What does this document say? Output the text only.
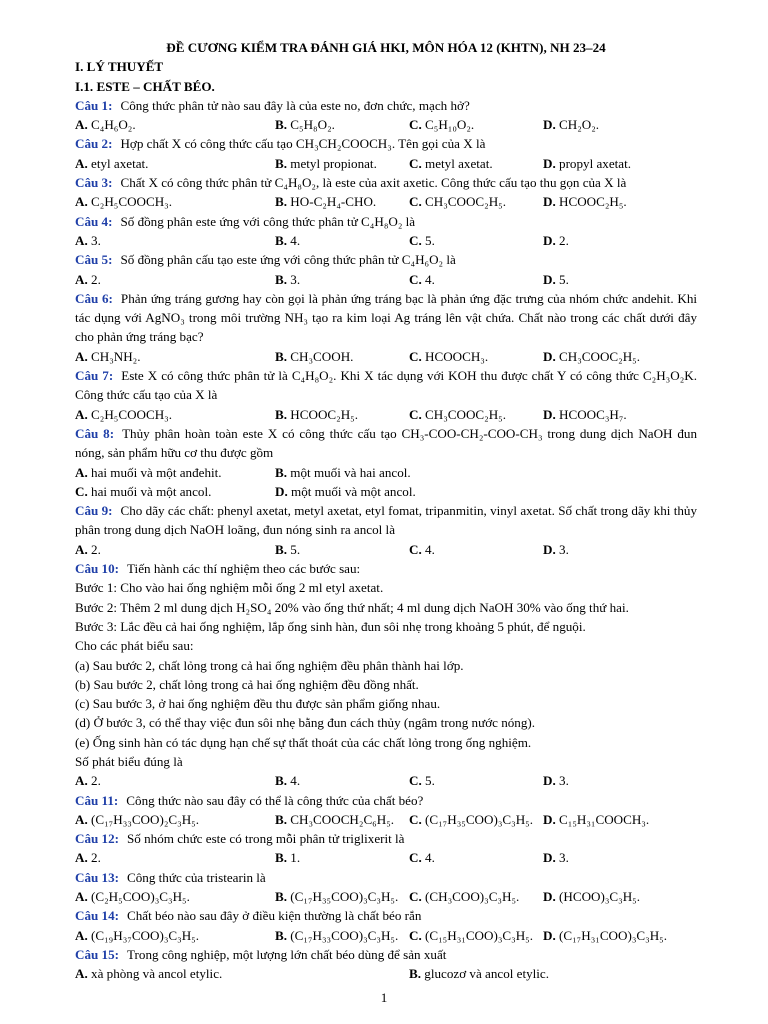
ĐỀ CƯƠNG KIỂM TRA ĐÁNH GIÁ HKI, MÔN HÓA 12 (KHTN), NH 23–24

I. LÝ THUYẾT

I.1. ESTE – CHẤT BÉO.

Câu 1: Công thức phân tử nào sau đây là của este no, đơn chức, mạch hở?

A. C₄H₆O₂.	B. C₅H₈O₂.	C. C₅H₁₀O₂.	D. CH₂O₂.

Câu 2: Hợp chất X có công thức cấu tạo CH₃CH₂COOCH₃. Tên gọi của X là

A. etyl axetat.	B. metyl propionat.	C. metyl axetat.	D. propyl axetat.

Câu 3: Chất X có công thức phân tử C₄H₈O₂, là este của axit axetic. Công thức cấu tạo thu gọn của X là

A. C₂H₅COOCH₃.	B. HO-C₂H₄-CHO.	C. CH₃COOC₂H₅.	D. HCOOC₂H₅.

Câu 4: Số đồng phân este ứng với công thức phân tử C₄H₈O₂ là

A. 3.	B. 4.	C. 5.	D. 2.

Câu 5: Số đồng phân cấu tạo este ứng với công thức phân tử C₄H₆O₂ là

A. 2.	B. 3.	C. 4.	D. 5.

Câu 6: Phản ứng tráng gương hay còn gọi là phản ứng tráng bạc là phản ứng đặc trưng của nhóm chức andehit. Khi tác dụng với AgNO₃ trong môi trường NH₃ tạo ra kim loại Ag tráng lên vật chứa. Chất nào trong các chất dưới đây cho phản ứng tráng bạc?

A. CH₃NH₂.	B. CH₃COOH.	C. HCOOCH₃.	D. CH₃COOC₂H₅.

Câu 7: Este X có công thức phân tử là C₄H₈O₂. Khi X tác dụng với KOH thu được chất Y có công thức C₂H₃O₂K. Công thức cấu tạo của X là

A. C₂H₅COOCH₃.	B. HCOOC₂H₅.	C. CH₃COOC₂H₅.	D. HCOOC₃H₇.

Câu 8: Thủy phân hoàn toàn este X có công thức cấu tạo CH₃-COO-CH₂-COO-CH₃ trong dung dịch NaOH đun nóng, sản phẩm hữu cơ thu được gồm

A. hai muối và một anđehit.	B. một muối và hai ancol.
C. hai muối và một ancol.	D. một muối và một ancol.

Câu 9: Cho dãy các chất: phenyl axetat, metyl axetat, etyl fomat, tripanmitin, vinyl axetat. Số chất trong dãy khi thủy phân trong dung dịch NaOH loãng, đun nóng sinh ra ancol là

A. 2.	B. 5.	C. 4.	D. 3.

Câu 10: Tiến hành các thí nghiệm theo các bước sau:

Bước 1: Cho vào hai ống nghiệm mỗi ống 2 ml etyl axetat.

Bước 2: Thêm 2 ml dung dịch H₂SO₄ 20% vào ống thứ nhất; 4 ml dung dịch NaOH 30% vào ống thứ hai.

Bước 3: Lắc đều cả hai ống nghiệm, lắp ống sinh hàn, đun sôi nhẹ trong khoảng 5 phút, để nguội.

Cho các phát biểu sau:

(a) Sau bước 2, chất lỏng trong cả hai ống nghiệm đều phân thành hai lớp.

(b) Sau bước 2, chất lỏng trong cả hai ống nghiệm đều đồng nhất.

(c) Sau bước 3, ở hai ống nghiệm đều thu được sản phẩm giống nhau.

(d) Ở bước 3, có thể thay việc đun sôi nhẹ bằng đun cách thủy (ngâm trong nước nóng).

(e) Ống sinh hàn có tác dụng hạn chế sự thất thoát của các chất lỏng trong ống nghiệm.

Số phát biểu đúng là

A. 2.	B. 4.	C. 5.	D. 3.

Câu 11: Công thức nào sau đây có thể là công thức của chất béo?

A. (C₁₇H₃₃COO)₂C₃H₅.	B. CH₃COOCH₂C₆H₅.	C. (C₁₇H₃₅COO)₃C₃H₅. D. C₁₅H₃₁COOCH₃.

Câu 12: Số nhóm chức este có trong mỗi phân tử triglixerit là

A. 2.	B. 1.	C. 4.	D. 3.

Câu 13: Công thức của tristearin là

A. (C₂H₅COO)₃C₃H₅.	B. (C₁₇H₃₅COO)₃C₃H₅. C. (CH₃COO)₃C₃H₅.	D. (HCOO)₃C₃H₅.

Câu 14: Chất béo nào sau đây ở điều kiện thường là chất béo rắn

A. (C₁₉H₃₇COO)₃C₃H₅.	B. (C₁₇H₃₃COO)₃C₃H₅. C. (C₁₅H₃₁COO)₃C₃H₅. D. (C₁₇H₃₁COO)₃C₃H₅.

Câu 15: Trong công nghiệp, một lượng lớn chất béo dùng để sản xuất

A. xà phòng và ancol etylic.	B. glucozơ và ancol etylic.
1
